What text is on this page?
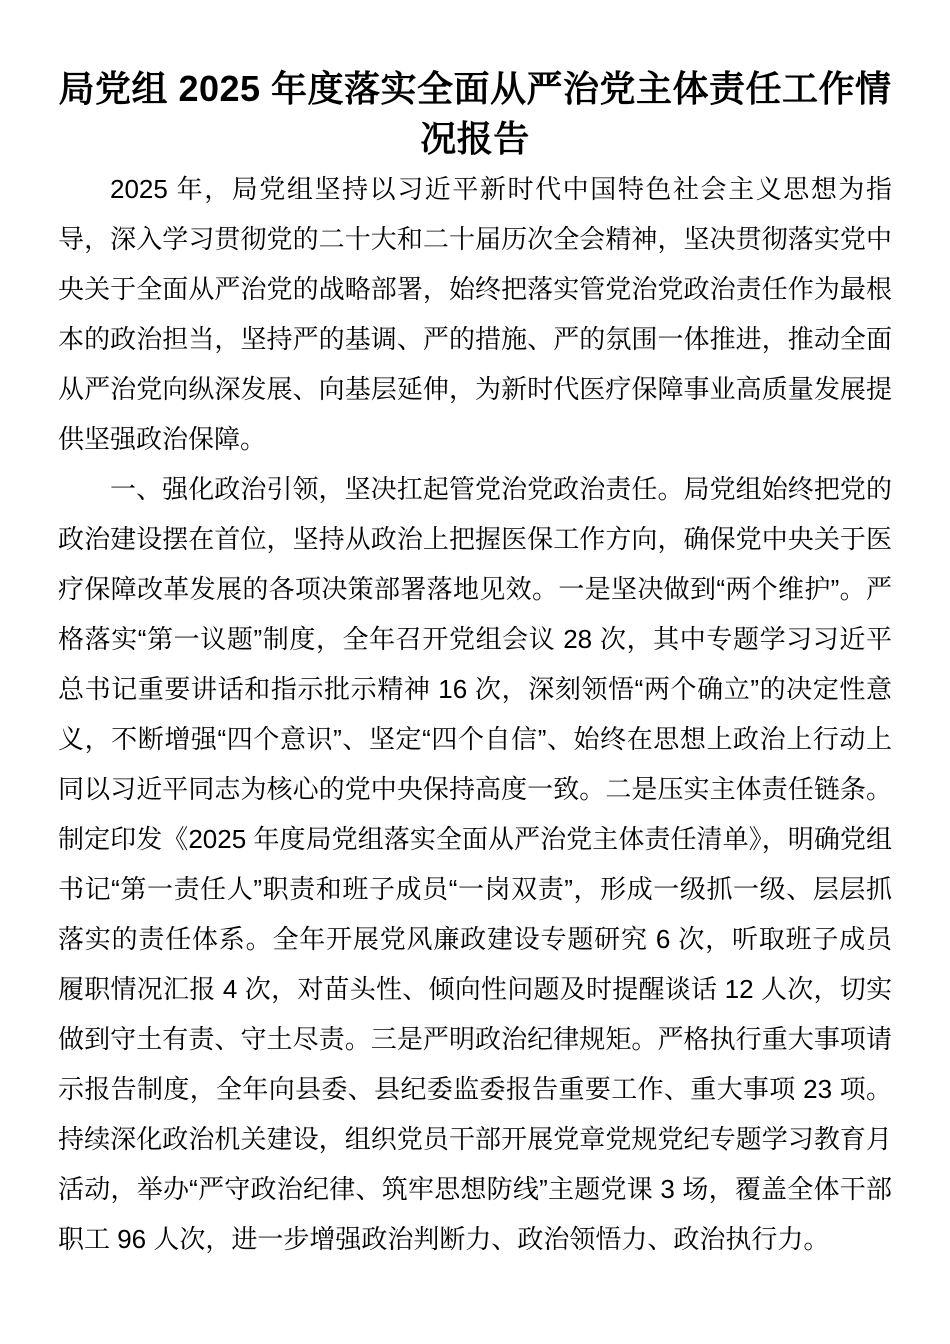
局党组 2025 年度落实全面从严治党主体责任工作情况报告

2025 年，局党组坚持以习近平新时代中国特色社会主义思想为指导，深入学习贯彻党的二十大和二十届历次全会精神，坚决贯彻落实党中央关于全面从严治党的战略部署，始终把落实管党治党政治责任作为最根本的政治担当，坚持严的基调、严的措施、严的氛围一体推进，推动全面从严治党向纵深发展、向基层延伸，为新时代医疗保障事业高质量发展提供坚强政治保障。

一、强化政治引领，坚决扛起管党治党政治责任。局党组始终把党的政治建设摆在首位，坚持从政治上把握医保工作方向，确保党中央关于医疗保障改革发展的各项决策部署落地见效。一是坚决做到“两个维护”。严格落实“第一议题”制度，全年召开党组会议 28 次，其中专题学习习近平总书记重要讲话和指示批示精神 16 次，深刻领悟“两个确立”的决定性意义，不断增强“四个意识”、坚定“四个自信”、始终在思想上政治上行动上同以习近平同志为核心的党中央保持高度一致。二是压实主体责任链条。制定印发《2025 年度局党组落实全面从严治党主体责任清单》，明确党组书记“第一责任人”职责和班子成员“一岗双责”，形成一级抓一级、层层抓落实的责任体系。全年开展党风廉政建设专题研究 6 次，听取班子成员履职情况汇报 4 次，对苗头性、倾向性问题及时提醒谈话 12 人次，切实做到守土有责、守土尽责。三是严明政治纪律规矩。严格执行重大事项请示报告制度，全年向县委、县纪委监委报告重要工作、重大事项 23 项。持续深化政治机关建设，组织党员干部开展党章党规党纪专题学习教育月活动，举办“严守政治纪律、筑牢思想防线”主题党课 3 场，覆盖全体干部职工 96 人次，进一步增强政治判断力、政治领悟力、政治执行力。
